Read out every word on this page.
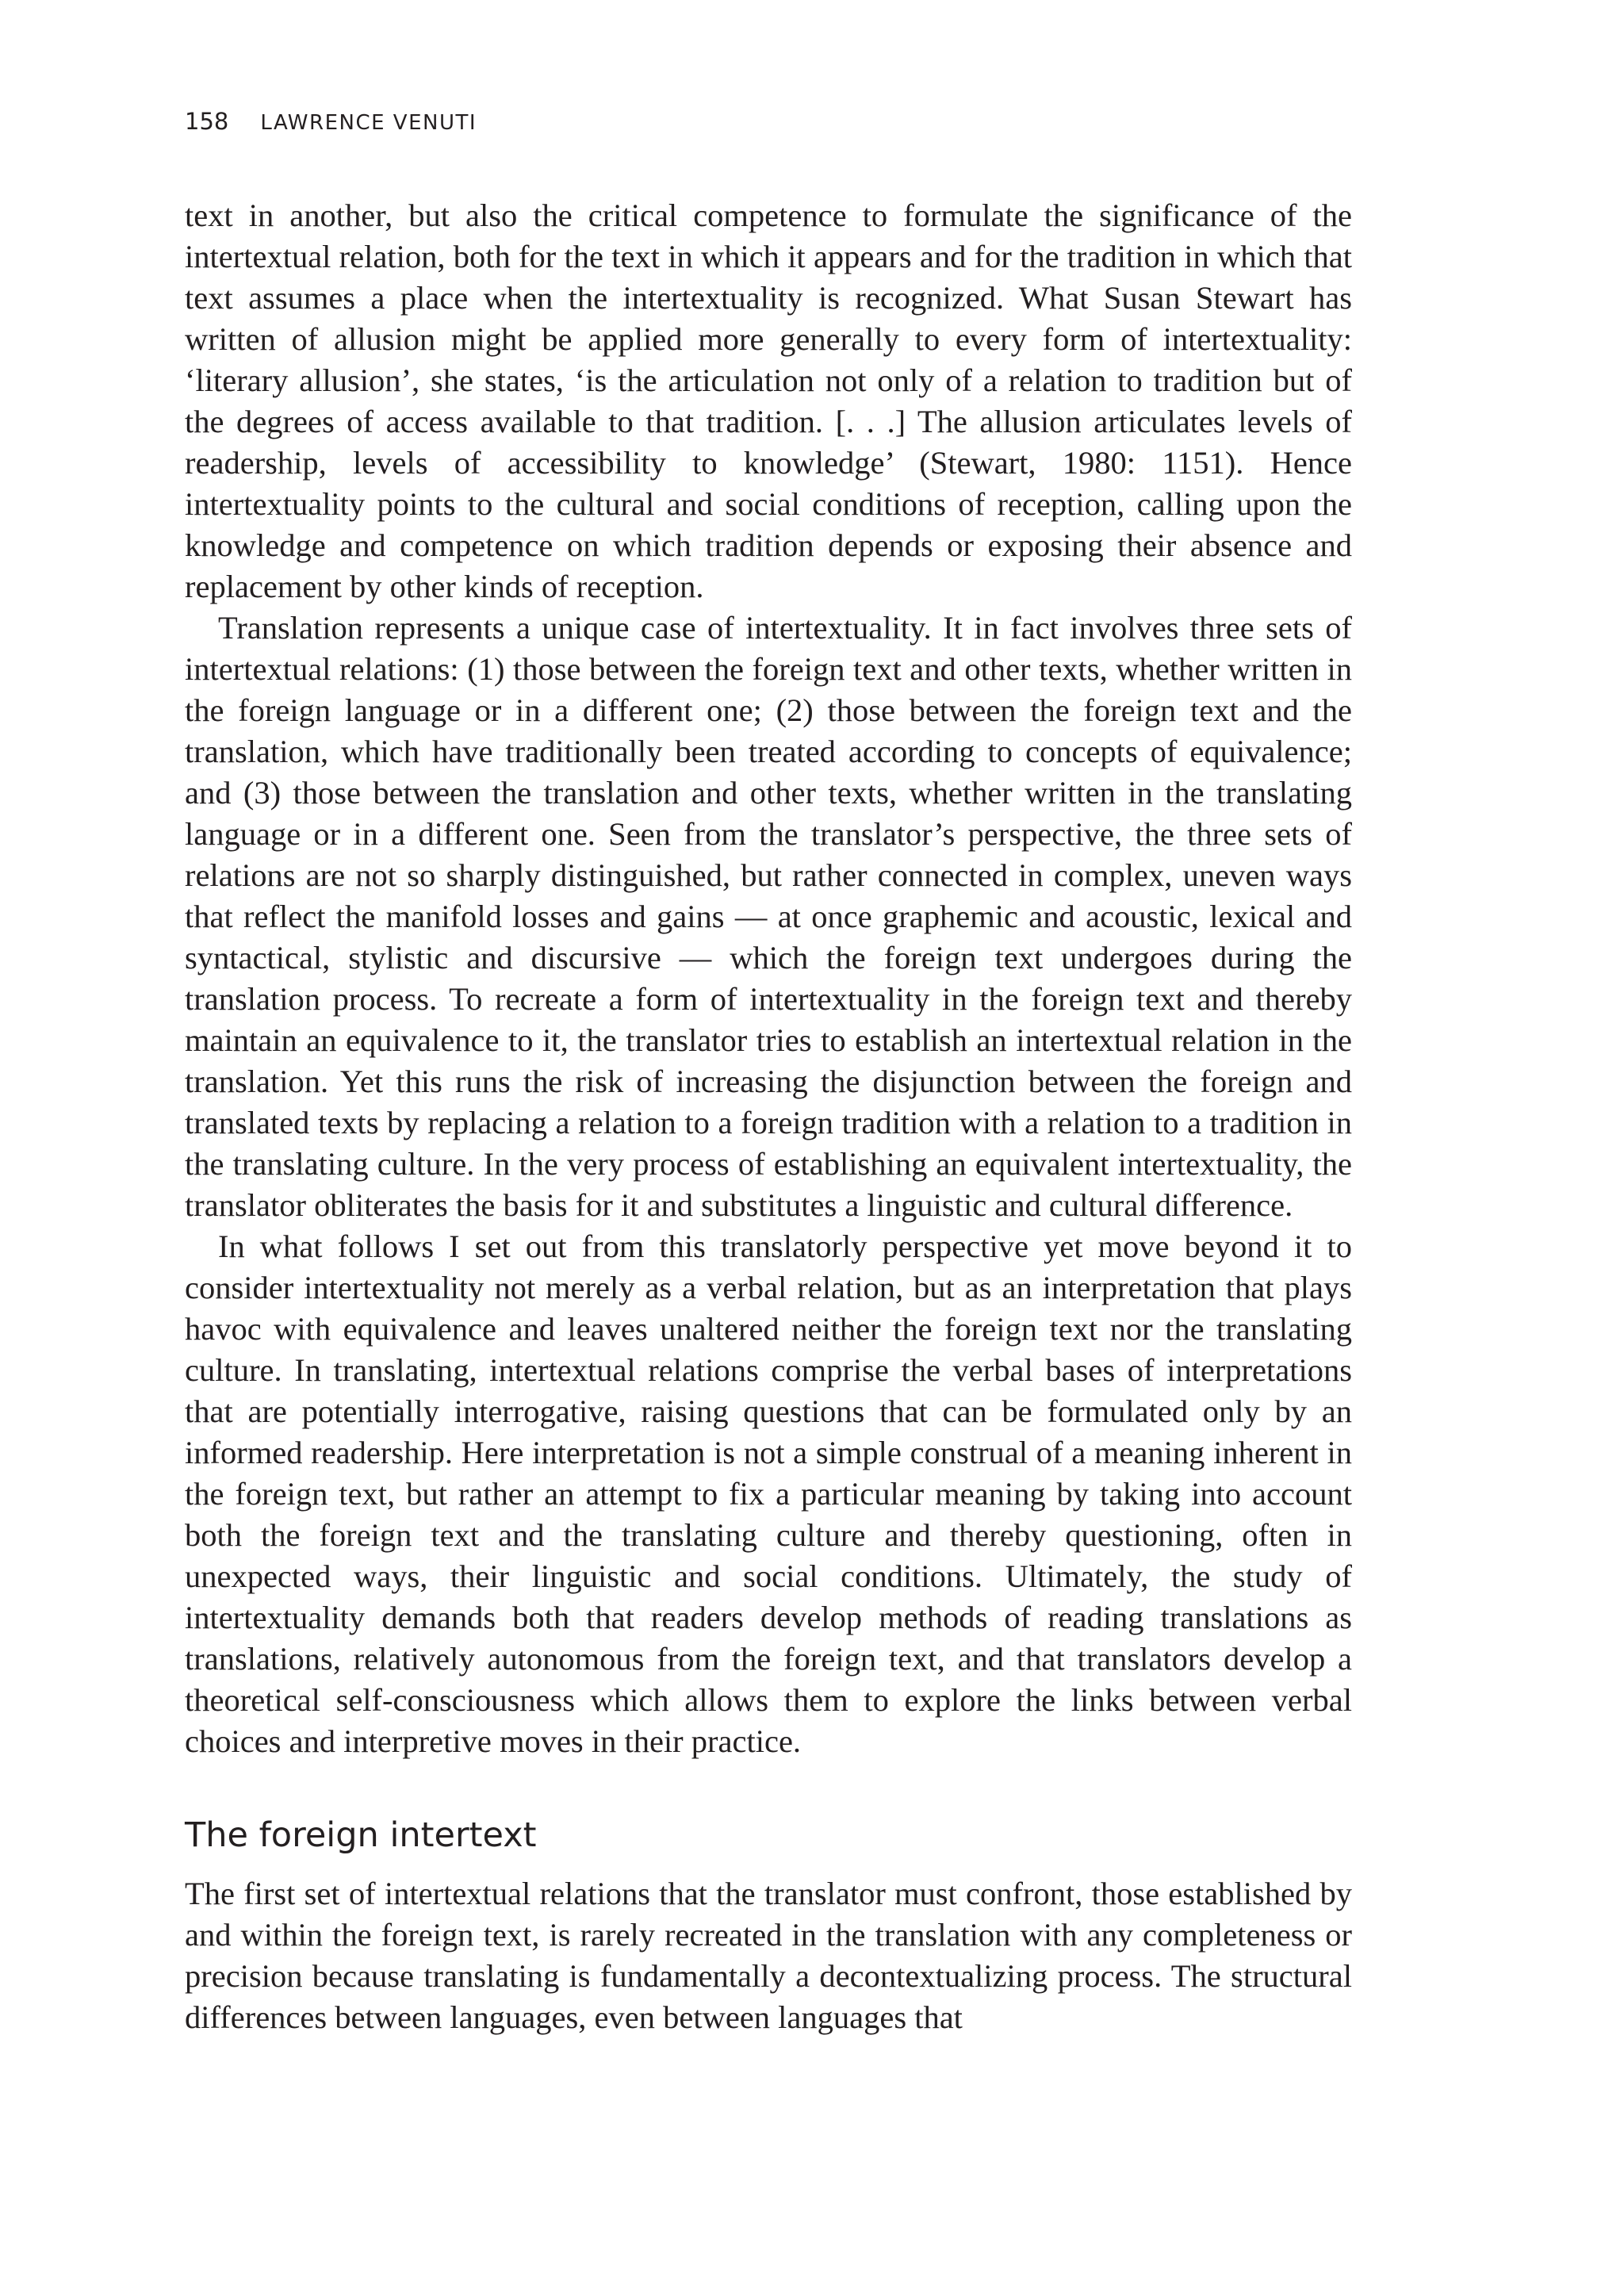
158 LAWRENCE VENUTI

text in another, but also the critical competence to formulate the significance of the intertextual relation, both for the text in which it appears and for the tradition in which that text assumes a place when the intertextuality is recognized. What Susan Stewart has written of allusion might be applied more generally to every form of intertextuality: ‘literary allusion’, she states, ‘is the articulation not only of a relation to tradition but of the degrees of access available to that tradition. [. . .] The allusion articulates levels of readership, levels of accessibility to knowledge’ (Stewart, 1980: 1151). Hence intertextuality points to the cultural and social conditions of reception, calling upon the knowledge and competence on which tradition depends or exposing their absence and replacement by other kinds of reception.

Translation represents a unique case of intertextuality. It in fact involves three sets of intertextual relations: (1) those between the foreign text and other texts, whether written in the foreign language or in a different one; (2) those between the foreign text and the translation, which have traditionally been treated according to concepts of equivalence; and (3) those between the translation and other texts, whether written in the translating language or in a different one. Seen from the translator’s perspective, the three sets of relations are not so sharply distinguished, but rather connected in complex, uneven ways that reflect the manifold losses and gains — at once graphemic and acoustic, lexical and syntactical, stylistic and discursive — which the foreign text undergoes during the translation process. To recreate a form of intertextuality in the foreign text and thereby maintain an equivalence to it, the translator tries to establish an intertextual relation in the translation. Yet this runs the risk of increasing the disjunction between the foreign and translated texts by replacing a relation to a foreign tradition with a relation to a tradition in the translating culture. In the very process of establishing an equivalent intertextuality, the translator obliterates the basis for it and substitutes a linguistic and cultural difference.

In what follows I set out from this translatorly perspective yet move beyond it to consider intertextuality not merely as a verbal relation, but as an interpretation that plays havoc with equivalence and leaves unaltered neither the foreign text nor the translating culture. In translating, intertextual relations comprise the verbal bases of interpretations that are potentially interrogative, raising questions that can be formulated only by an informed readership. Here interpretation is not a simple construal of a meaning inherent in the foreign text, but rather an attempt to fix a particular meaning by taking into account both the foreign text and the translating culture and thereby questioning, often in unexpected ways, their linguistic and social conditions. Ultimately, the study of intertextuality demands both that readers develop methods of reading translations as translations, relatively autonomous from the foreign text, and that translators develop a theoretical self-consciousness which allows them to explore the links between verbal choices and interpretive moves in their practice.

The foreign intertext

The first set of intertextual relations that the translator must confront, those established by and within the foreign text, is rarely recreated in the translation with any completeness or precision because translating is fundamentally a decontextualizing process. The structural differences between languages, even between languages that
